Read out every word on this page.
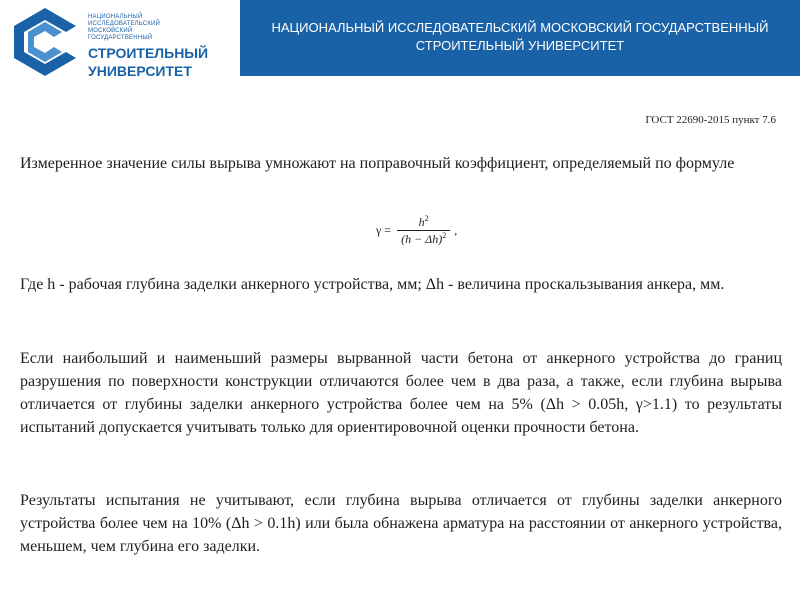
НАЦИОНАЛЬНЫЙ ИССЛЕДОВАТЕЛЬСКИЙ МОСКОВСКИЙ ГОСУДАРСТВЕННЫЙ
СТРОИТЕЛЬНЫЙ
УНИВЕРСИТЕТ
НАЦИОНАЛЬНЫЙ ИССЛЕДОВАТЕЛЬСКИЙ МОСКОВСКИЙ ГОСУДАРСТВЕННЫЙ
СТРОИТЕЛЬНЫЙ УНИВЕРСИТЕТ
ГОСТ 22690-2015 пункт 7.6

Измеренное значение силы вырыва умножают на поправочный коэффициент, определяемый по формуле

$\gamma = \frac{h^2}{(h - \Delta h)^2}$ ,

Где h - рабочая глубина заделки анкерного устройства, мм; Δh - величина проскальзывания анкера, мм.

Если наибольший и наименьший размеры вырванной части бетона от анкерного устройства до границ разрушения по поверхности конструкции отличаются более чем в два раза, а также, если глубина вырыва отличается от глубины заделки анкерного устройства более чем на 5% (Δh > 0.05h, γ>1.1) то результаты испытаний допускается учитывать только для ориентировочной оценки прочности бетона.

Результаты испытания не учитывают, если глубина вырыва отличается от глубины заделки анкерного устройства более чем на 10% (Δh > 0.1h) или была обнажена арматура на расстоянии от анкерного устройства, меньшем, чем глубина его заделки.
